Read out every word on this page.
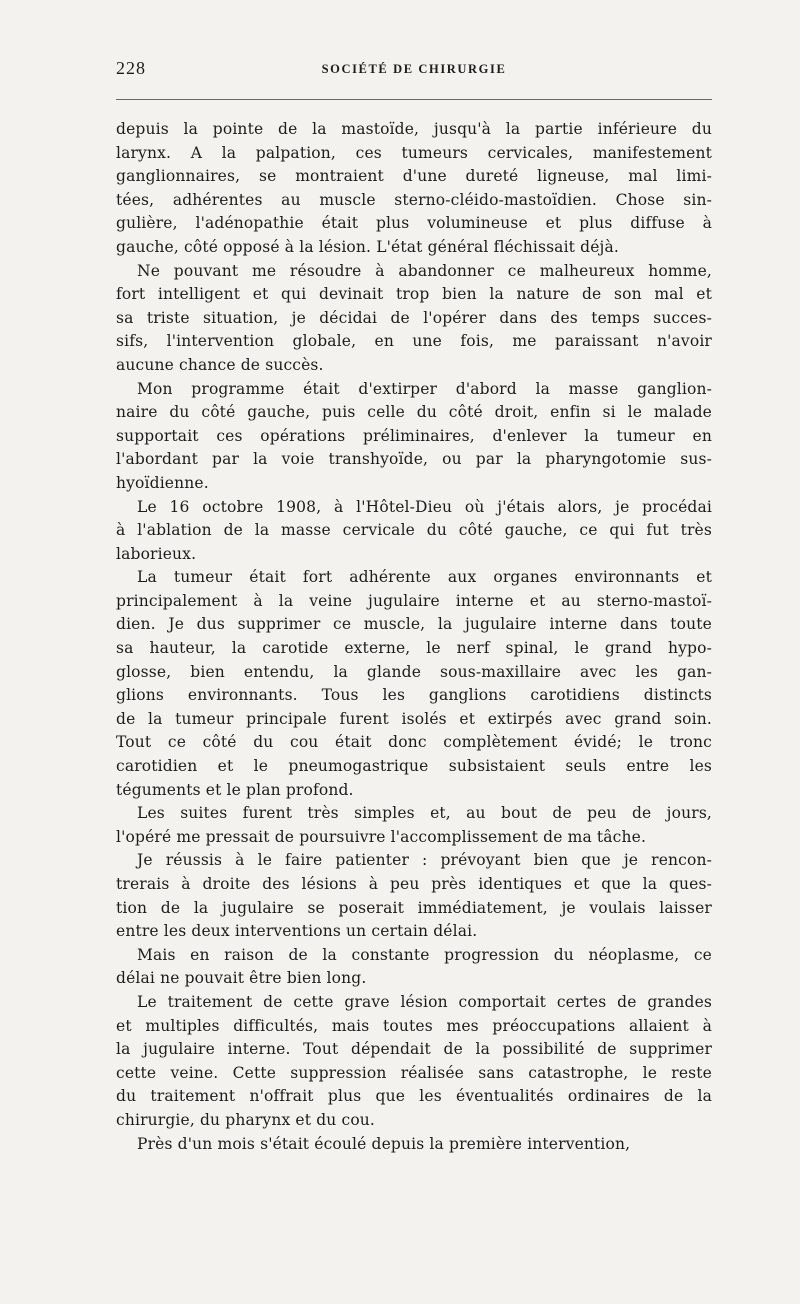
228	SOCIÉTÉ DE CHIRURGIE

depuis la pointe de la mastoïde, jusqu'à la partie inférieure du
larynx. A la palpation, ces tumeurs cervicales, manifestement
ganglionnaires, se montraient d'une dureté ligneuse, mal limi-
tées, adhérentes au muscle sterno-cléido-mastoïdien. Chose sin-
gulière, l'adénopathie était plus volumineuse et plus diffuse à
gauche, côté opposé à la lésion. L'état général fléchissait déjà.

Ne pouvant me résoudre à abandonner ce malheureux homme,
fort intelligent et qui devinait trop bien la nature de son mal et
sa triste situation, je décidai de l'opérer dans des temps succes-
sifs, l'intervention globale, en une fois, me paraissant n'avoir
aucune chance de succès.

Mon programme était d'extirper d'abord la masse ganglion-
naire du côté gauche, puis celle du côté droit, enfin si le malade
supportait ces opérations préliminaires, d'enlever la tumeur en
l'abordant par la voie transhyoïde, ou par la pharyngotomie sus-
hyoïdienne.

Le 16 octobre 1908, à l'Hôtel-Dieu où j'étais alors, je procédai
à l'ablation de la masse cervicale du côté gauche, ce qui fut très
laborieux.

La tumeur était fort adhérente aux organes environnants et
principalement à la veine jugulaire interne et au sterno-mastoï-
dien. Je dus supprimer ce muscle, la jugulaire interne dans toute
sa hauteur, la carotide externe, le nerf spinal, le grand hypo-
glosse, bien entendu, la glande sous-maxillaire avec les gan-
glions environnants. Tous les ganglions carotidiens distincts
de la tumeur principale furent isolés et extirpés avec grand soin.
Tout ce côté du cou était donc complètement évidé; le tronc
carotidien et le pneumogastrique subsistaient seuls entre les
téguments et le plan profond.

Les suites furent très simples et, au bout de peu de jours,
l'opéré me pressait de poursuivre l'accomplissement de ma tâche.

Je réussis à le faire patienter : prévoyant bien que je rencon-
trerais à droite des lésions à peu près identiques et que la ques-
tion de la jugulaire se poserait immédiatement, je voulais laisser
entre les deux interventions un certain délai.

Mais en raison de la constante progression du néoplasme, ce
délai ne pouvait être bien long.

Le traitement de cette grave lésion comportait certes de grandes
et multiples difficultés, mais toutes mes préoccupations allaient à
la jugulaire interne. Tout dépendait de la possibilité de supprimer
cette veine. Cette suppression réalisée sans catastrophe, le reste
du traitement n'offrait plus que les éventualités ordinaires de la
chirurgie, du pharynx et du cou.

Près d'un mois s'était écoulé depuis la première intervention,
